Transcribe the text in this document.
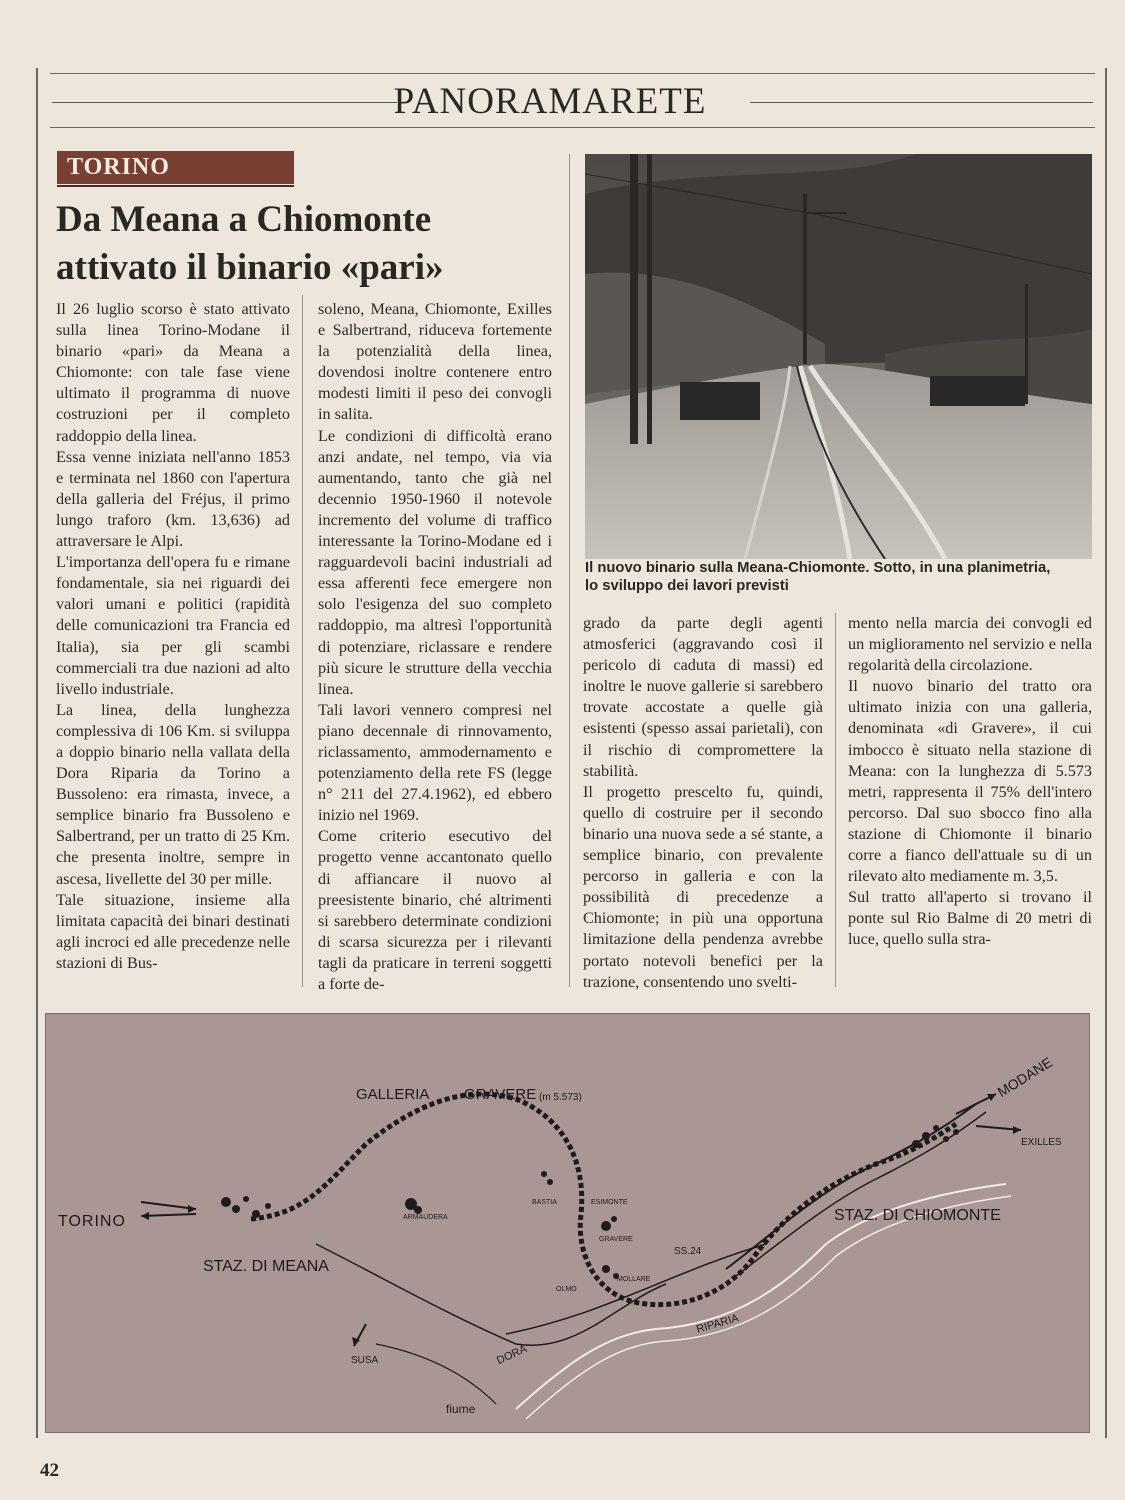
PANORAMARETE
TORINO
Da Meana a Chiomonte
attivato il binario «pari»

Il 26 luglio scorso è stato attivato sulla linea Torino-Modane il binario «pari» da Meana a Chiomonte: con tale fase viene ultimato il programma di nuove costruzioni per il completo raddoppio della linea.

Essa venne iniziata nell'anno 1853 e terminata nel 1860 con l'apertura della galleria del Fréjus, il primo lungo traforo (km. 13,636) ad attraversare le Alpi.

L'importanza dell'opera fu e rimane fondamentale, sia nei riguardi dei valori umani e politici (rapidità delle comunicazioni tra Francia ed Italia), sia per gli scambi commerciali tra due nazioni ad alto livello industriale.

La linea, della lunghezza complessiva di 106 Km. si sviluppa a doppio binario nella vallata della Dora Riparia da Torino a Bussoleno: era rimasta, invece, a semplice binario fra Bussoleno e Salbertrand, per un tratto di 25 Km. che presenta inoltre, sempre in ascesa, livellette del 30 per mille.

Tale situazione, insieme alla limitata capacità dei binari destinati agli incroci ed alle precedenze nelle stazioni di Bus-

soleno, Meana, Chiomonte, Exilles e Salbertrand, riduceva fortemente la potenzialità della linea, dovendosi inoltre contenere entro modesti limiti il peso dei convogli in salita.

Le condizioni di difficoltà erano anzi andate, nel tempo, via via aumentando, tanto che già nel decennio 1950-1960 il notevole incremento del volume di traffico interessante la Torino-Modane ed i ragguardevoli bacini industriali ad essa afferenti fece emergere non solo l'esigenza del suo completo raddoppio, ma altresì l'opportunità di potenziare, riclassare e rendere più sicure le strutture della vecchia linea.

Tali lavori vennero compresi nel piano decennale di rinnovamento, riclassamento, ammodernamento e potenziamento della rete FS (legge n° 211 del 27.4.1962), ed ebbero inizio nel 1969.

Come criterio esecutivo del progetto venne accantonato quello di affiancare il nuovo al preesistente binario, ché altrimenti si sarebbero determinate condizioni di scarsa sicurezza per i rilevanti tagli da praticare in terreni soggetti a forte de-

grado da parte degli agenti atmosferici (aggravando così il pericolo di caduta di massi) ed inoltre le nuove gallerie si sarebbero trovate accostate a quelle già esistenti (spesso assai parietali), con il rischio di compromettere la stabilità.

Il progetto prescelto fu, quindi, quello di costruire per il secondo binario una nuova sede a sé stante, a semplice binario, con prevalente percorso in galleria e con la possibilità di precedenze a Chiomonte; in più una opportuna limitazione della pendenza avrebbe portato notevoli benefici per la trazione, consentendo uno svelti-

mento nella marcia dei convogli ed un miglioramento nel servizio e nella regolarità della circolazione.

Il nuovo binario del tratto ora ultimato inizia con una galleria, denominata «di Gravere», il cui imbocco è situato nella stazione di Meana: con la lunghezza di 5.573 metri, rappresenta il 75% dell'intero percorso. Dal suo sbocco fino alla stazione di Chiomonte il binario corre a fianco dell'attuale su di un rilevato alto mediamente m. 3,5.

Sul tratto all'aperto si trovano il ponte sul Rio Balme di 20 metri di luce, quello sulla stra-

Il nuovo binario sulla Meana-Chiomonte. Sotto, in una planimetria,
lo sviluppo dei lavori previsti
GALLERIA GRAVERE (m 5.573)	MODANE
EXILLES
TORINO
STAZ. DI MEANA
STAZ. DI CHIOMONTE
ARMAUDERA
BASTIA	ESIMONTE
GRAVERE
SS.24
MOLLARE
OLMO
SUSA	DORA
RIPARIA
fiume
42
